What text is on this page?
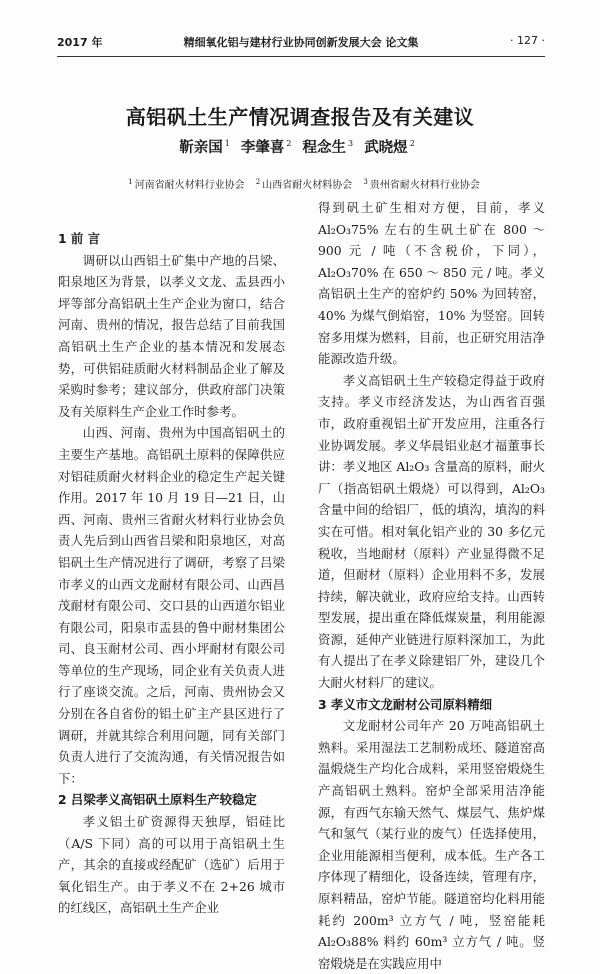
2017 年	精细氧化铝与建材行业协同创新发展大会 论文集	· 127 ·
高铝矾土生产情况调查报告及有关建议
靳亲国 $^1$ 李肇喜 $^2$ 程念生 $^3$ 武晓煜 $^2$
$^1$ 河南省耐火材料行业协会 $^2$ 山西省耐火材料协会 $^3$ 贵州省耐火材料行业协会
1 前 言

调研以山西铝土矿集中产地的吕梁、阳泉地区为背景，以孝义文龙、盂县西小坪等部分高铝矾土生产企业为窗口，结合河南、贵州的情况，报告总结了目前我国高铝矾土生产企业的基本情况和发展态势，可供铝硅质耐火材料制品企业了解及采购时参考；建议部分，供政府部门决策及有关原料生产企业工作时参考。

山西、河南、贵州为中国高铝矾土的主要生产基地。高铝矾土原料的保障供应对铝硅质耐火材料企业的稳定生产起关键作用。2017 年 10 月 19 日—21 日，山西、河南、贵州三省耐火材料行业协会负责人先后到山西省吕梁和阳泉地区，对高铝矾土生产情况进行了调研，考察了吕梁市孝义的山西文龙耐材有限公司、山西昌茂耐材有限公司、交口县的山西道尔铝业有限公司，阳泉市盂县的鲁中耐材集团公司、良玉耐材公司、西小坪耐材有限公司等单位的生产现场，同企业有关负责人进行了座谈交流。之后，河南、贵州协会又分别在各自省份的铝土矿主产县区进行了调研，并就其综合利用问题，同有关部门负责人进行了交流沟通，有关情况报告如下：

2 吕梁孝义高铝矾土原料生产较稳定

孝义铝土矿资源得天独厚，铝硅比（A/S 下同）高的可以用于高铝矾土生产，其余的直接或经配矿（选矿）后用于氧化铝生产。由于孝义不在 2+26 城市的红线区，高铝矾土生产企业

得到矾土矿生相对方便，目前，孝义 Al₂O₃75% 左右的生矾土矿在 800 ～ 900 元 / 吨（不含税价，下同），Al₂O₃70% 在 650 ～ 850 元 / 吨。孝义高铝矾土生产的窑炉约 50% 为回转窑，40% 为煤气倒焰窑，10% 为竖窑。回转窑多用煤为燃料，目前，也正研究用洁净能源改造升级。

孝义高铝矾土生产较稳定得益于政府支持。孝义市经济发达，为山西省百强市，政府重视铝土矿开发应用，注重各行业协调发展。孝义华晨铝业赵才福董事长讲：孝义地区 Al₂O₃ 含量高的原料，耐火厂（指高铝矾土煅烧）可以得到，Al₂O₃ 含量中间的给铝厂，低的填沟，填沟的料实在可惜。相对氧化铝产业的 30 多亿元税收，当地耐材（原料）产业显得微不足道，但耐材（原料）企业用料不多，发展持续，解决就业，政府应给支持。山西转型发展，提出重在降低煤炭量，利用能源资源，延伸产业链进行原料深加工，为此有人提出了在孝义除建铝厂外，建设几个大耐火材料厂的建议。

3 孝义市文龙耐材公司原料精细

文龙耐材公司年产 20 万吨高铝矾土熟料。采用湿法工艺制粉成坯、隧道窑高温煅烧生产均化合成料，采用竖窑煅烧生产高铝矾土熟料。窑炉全部采用洁净能源，有西气东输天然气、煤层气、焦炉煤气和氢气（某行业的废气）任选择使用，企业用能源相当便利，成本低。生产各工序体现了精细化，设备连续，管理有序，原料精品，窑炉节能。隧道窑均化料用能耗约 200m³ 立方气 / 吨，竖窑能耗 Al₂O₃88% 料约 60m³ 立方气 / 吨。竖窑煅烧是在实践应用中
